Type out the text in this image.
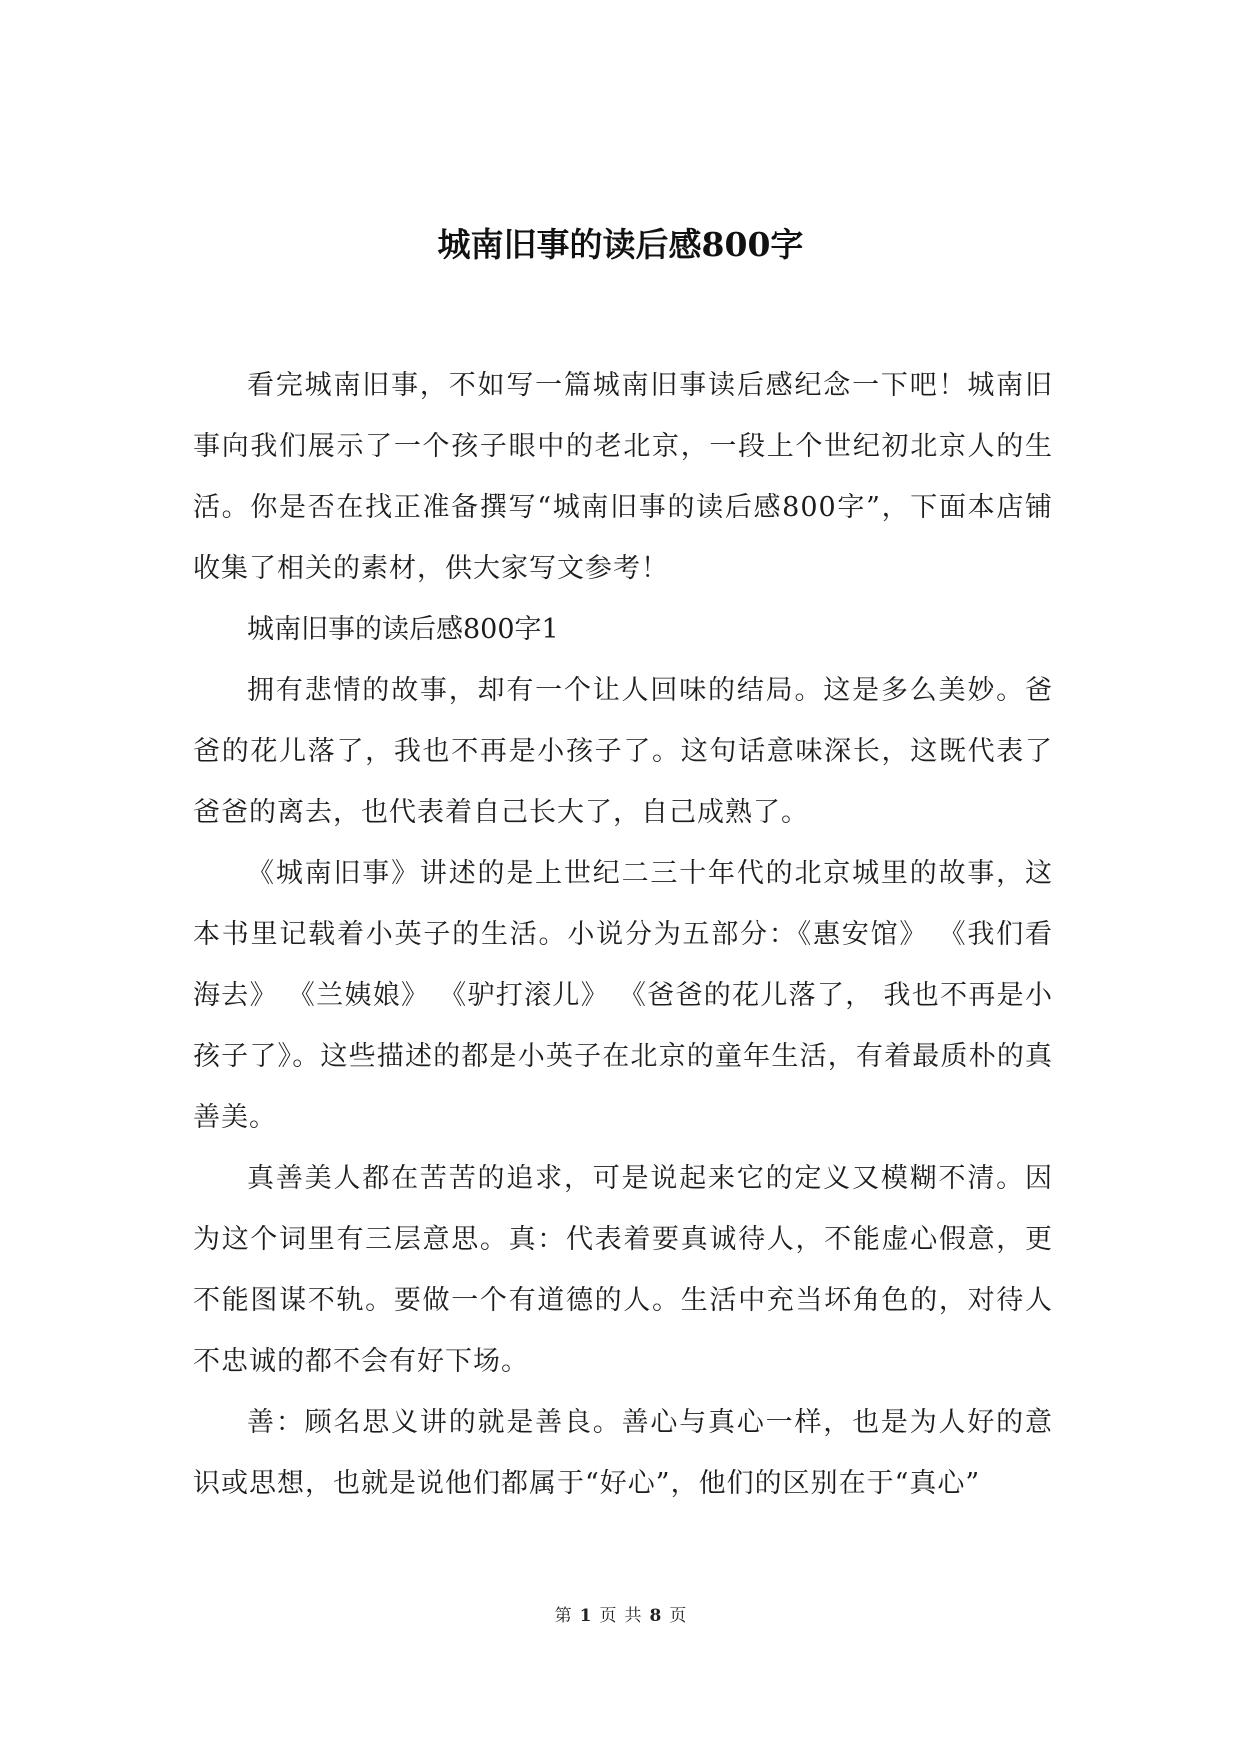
城南旧事的读后感800字

看完城南旧事，不如写一篇城南旧事读后感纪念一下吧！城南旧事向我们展示了一个孩子眼中的老北京，一段上个世纪初北京人的生活。你是否在找正准备撰写“城南旧事的读后感800字”，下面本店铺收集了相关的素材，供大家写文参考！

城南旧事的读后感800字1

拥有悲情的故事，却有一个让人回味的结局。这是多么美妙。爸爸的花儿落了，我也不再是小孩子了。这句话意味深长，这既代表了爸爸的离去，也代表着自己长大了，自己成熟了。

《城南旧事》讲述的是上世纪二三十年代的北京城里的故事，这本书里记载着小英子的生活。小说分为五部分：《惠安馆》 《我们看海去》 《兰姨娘》 《驴打滚儿》 《爸爸的花儿落了， 我也不再是小孩子了》。这些描述的都是小英子在北京的童年生活，有着最质朴的真善美。

真善美人都在苦苦的追求，可是说起来它的定义又模糊不清。因为这个词里有三层意思。真：代表着要真诚待人，不能虚心假意，更不能图谋不轨。要做一个有道德的人。生活中充当坏角色的，对待人不忠诚的都不会有好下场。

善：顾名思义讲的就是善良。善心与真心一样，也是为人好的意识或思想，也就是说他们都属于“好心”，他们的区别在于“真心”

第 1 页 共 8 页
